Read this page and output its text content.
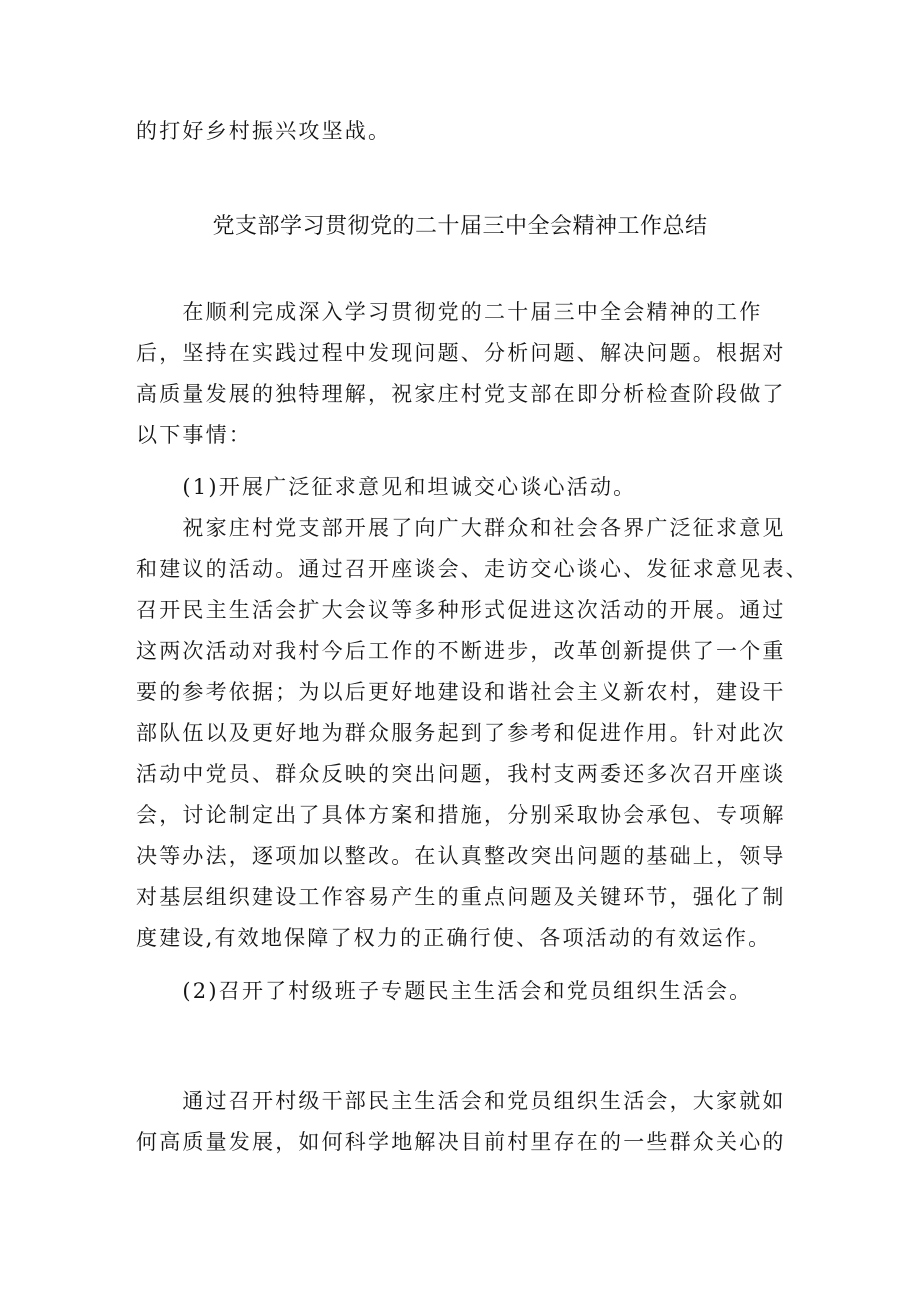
的打好乡村振兴攻坚战。
党支部学习贯彻党的二十届三中全会精神工作总结
　　在顺利完成深入学习贯彻党的二十届三中全会精神的工作
后，坚持在实践过程中发现问题、分析问题、解决问题。根据对
高质量发展的独特理解，祝家庄村党支部在即分析检查阶段做了
以下事情：
　　(1)开展广泛征求意见和坦诚交心谈心活动。
　　祝家庄村党支部开展了向广大群众和社会各界广泛征求意见
和建议的活动。通过召开座谈会、走访交心谈心、发征求意见表、
召开民主生活会扩大会议等多种形式促进这次活动的开展。通过
这两次活动对我村今后工作的不断进步，改革创新提供了一个重
要的参考依据；为以后更好地建设和谐社会主义新农村，建设干
部队伍以及更好地为群众服务起到了参考和促进作用。针对此次
活动中党员、群众反映的突出问题，我村支两委还多次召开座谈
会，讨论制定出了具体方案和措施，分别采取协会承包、专项解
决等办法，逐项加以整改。在认真整改突出问题的基础上，领导
对基层组织建设工作容易产生的重点问题及关键环节，强化了制
度建设,有效地保障了权力的正确行使、各项活动的有效运作。
　　(2)召开了村级班子专题民主生活会和党员组织生活会。
　　通过召开村级干部民主生活会和党员组织生活会，大家就如
何高质量发展，如何科学地解决目前村里存在的一些群众关心的
